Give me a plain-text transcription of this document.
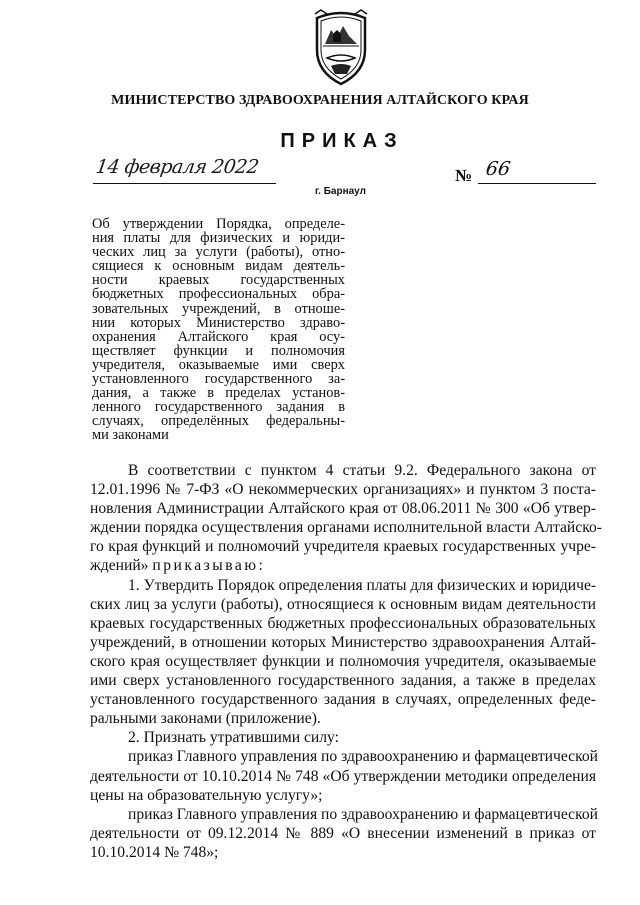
МИНИСТЕРСТВО ЗДРАВООХРАНЕНИЯ АЛТАЙСКОГО КРАЯ
ПРИКАЗ
14 февраля 2022
г. Барнаул
№ 66
Об утверждении Порядка, определе-
ния платы для физических и юриди-
ческих лиц за услуги (работы), отно-
сящиеся к основным видам деятель-
ности краевых государственных
бюджетных профессиональных обра-
зовательных учреждений, в отноше-
нии которых Министерство здраво-
охранения Алтайского края осу-
ществляет функции и полномочия
учредителя, оказываемые ими сверх
установленного государственного за-
дания, а также в пределах установ-
ленного государственного задания в
случаях, определённых федеральны-
ми законами
В соответствии с пунктом 4 статьи 9.2. Федерального закона от
12.01.1996 № 7-ФЗ «О некоммерческих организациях» и пунктом 3 поста-
новления Администрации Алтайского края от 08.06.2011 № 300 «Об утвер-
ждении порядка осуществления органами исполнительной власти Алтайско-
го края функций и полномочий учредителя краевых государственных учре-
ждений» приказываю:
1. Утвердить Порядок определения платы для физических и юридиче-
ских лиц за услуги (работы), относящиеся к основным видам деятельности
краевых государственных бюджетных профессиональных образовательных
учреждений, в отношении которых Министерство здравоохранения Алтай-
ского края осуществляет функции и полномочия учредителя, оказываемые
ими сверх установленного государственного задания, а также в пределах
установленного государственного задания в случаях, определенных феде-
ральными законами (приложение).
2. Признать утратившими силу:
приказ Главного управления по здравоохранению и фармацевтической
деятельности от 10.10.2014 № 748 «Об утверждении методики определения
цены на образовательную услугу»;
приказ Главного управления по здравоохранению и фармацевтической
деятельности от 09.12.2014 № 889 «О внесении изменений в приказ от
10.10.2014 № 748»;
